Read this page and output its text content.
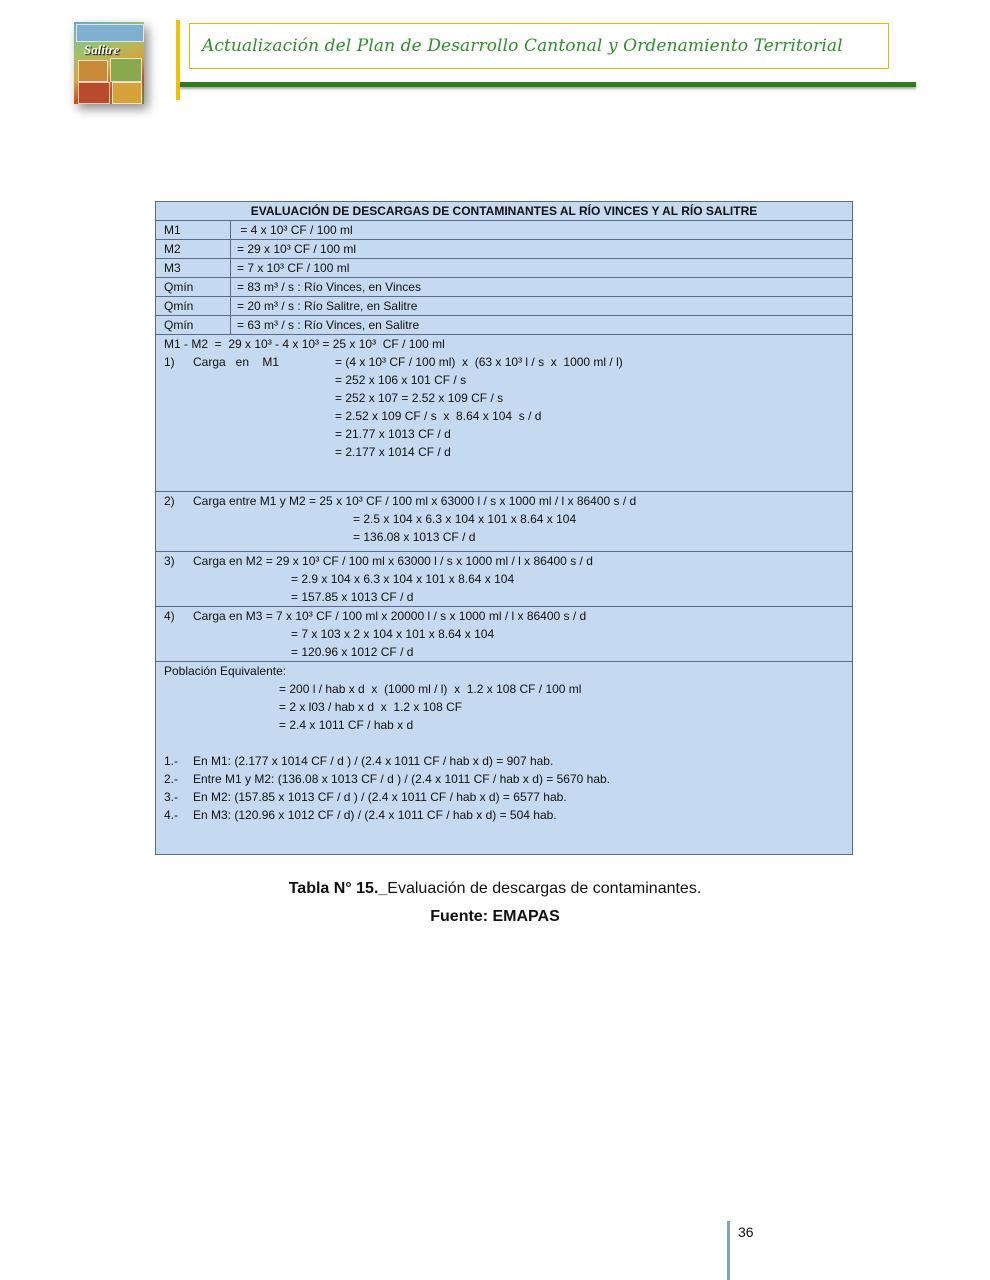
Salitre	Actualización del Plan de Desarrollo Cantonal y Ordenamiento Territorial
EVALUACIÓN DE DESCARGAS DE CONTAMINANTES AL RÍO VINCES Y AL RÍO SALITRE
M1	= 4 x 10³ CF / 100 ml
M2	= 29 x 10³ CF / 100 ml
M3	= 7 x 10³ CF / 100 ml
Qmín	= 83 m³ / s : Río Vinces, en Vinces
Qmín	= 20 m³ / s : Río Salitre, en Salitre
Qmín	= 63 m³ / s : Río Vinces, en Salitre
M1 - M2  =  29 x 10³ - 4 x 10³ = 25 x 10³  CF / 100 ml
1) Carga   en    M1	= (4 x 10³ CF / 100 ml)  x  (63 x 10³ l / s  x  1000 ml / l)
= 252 x 106 x 101 CF / s
= 252 x 107 = 2.52 x 109 CF / s
= 2.52 x 109 CF / s  x  8.64 x 104  s / d
= 21.77 x 1013 CF / d
= 2.177 x 1014 CF / d
2) Carga entre M1 y M2 = 25 x 10³ CF / 100 ml x 63000 l / s x 1000 ml / l x 86400 s / d
= 2.5 x 104 x 6.3 x 104 x 101 x 8.64 x 104
= 136.08 x 1013 CF / d
3) Carga en M2 = 29 x 10³ CF / 100 ml x 63000 l / s x 1000 ml / l x 86400 s / d
= 2.9 x 104 x 6.3 x 104 x 101 x 8.64 x 104
= 157.85 x 1013 CF / d
4) Carga en M3 = 7 x 10³ CF / 100 ml x 20000 l / s x 1000 ml / l x 86400 s / d
= 7 x 103 x 2 x 104 x 101 x 8.64 x 104
= 120.96 x 1012 CF / d
Población Equivalente:
= 200 l / hab x d  x  (1000 ml / l)  x  1.2 x 108 CF / 100 ml
= 2 x l03 / hab x d  x  1.2 x 108 CF
= 2.4 x 1011 CF / hab x d
1.- En M1: (2.177 x 1014 CF / d ) / (2.4 x 1011 CF / hab x d) = 907 hab.
2.- Entre M1 y M2: (136.08 x 1013 CF / d ) / (2.4 x 1011 CF / hab x d) = 5670 hab.
3.- En M2: (157.85 x 1013 CF / d ) / (2.4 x 1011 CF / hab x d) = 6577 hab.
4.- En M3: (120.96 x 1012 CF / d) / (2.4 x 1011 CF / hab x d) = 504 hab.
Tabla N° 15._Evaluación de descargas de contaminantes.
Fuente: EMAPAS
36
